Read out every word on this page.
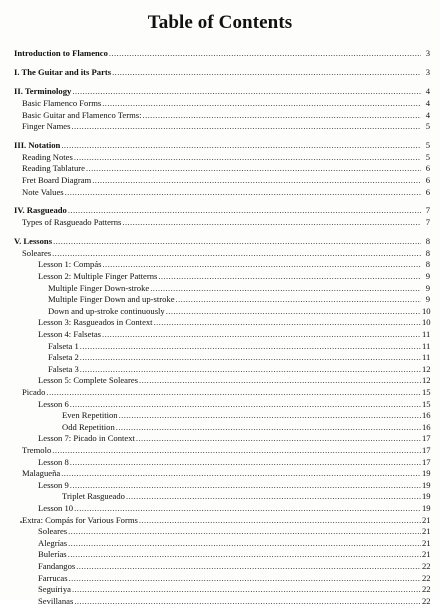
Table of Contents
Introduction to Flamenco .....	3
I. The Guitar and its Parts .....	3
II. Terminology .....	4
Basic Flamenco Forms .....	4
Basic Guitar and Flamenco Terms: .....	4
Finger Names .....	5
III. Notation .....	5
Reading Notes .....	5
Reading Tablature .....	6
Fret Board Diagram .....	6
Note Values .....	6
IV. Rasgueado .....	7
Types of Rasgueado Patterns .....	7
V. Lessons .....	8
Soleares .....	8
Lesson 1: Compás .....	8
Lesson 2: Multiple Finger Patterns .....	9
Multiple Finger Down-stroke .....	9
Multiple Finger Down and up-stroke .....	9
Down and up-stroke continuously .....	10
Lesson 3: Rasgueados in Context .....	10
Lesson 4: Falsetas .....	11
Falseta 1 .....	11
Falseta 2 .....	11
Falseta 3 .....	12
Lesson 5: Complete Soleares .....	12
Picado .....	15
Lesson 6 .....	15
Even Repetition .....	16
Odd Repetition .....	16
Lesson 7: Picado in Context .....	17
Tremolo .....	17
Lesson 8 .....	17
Malagueña .....	19
Lesson 9 .....	19
Triplet Rasgueado .....	19
Lesson 10 .....	19
Extra: Compás for Various Forms .....	21
Soleares .....	21
Alegrías .....	21
Bulerías .....	21
Fandangos .....	22
Farrucas .....	22
Seguiriya .....	22
Sevillanas .....	22
